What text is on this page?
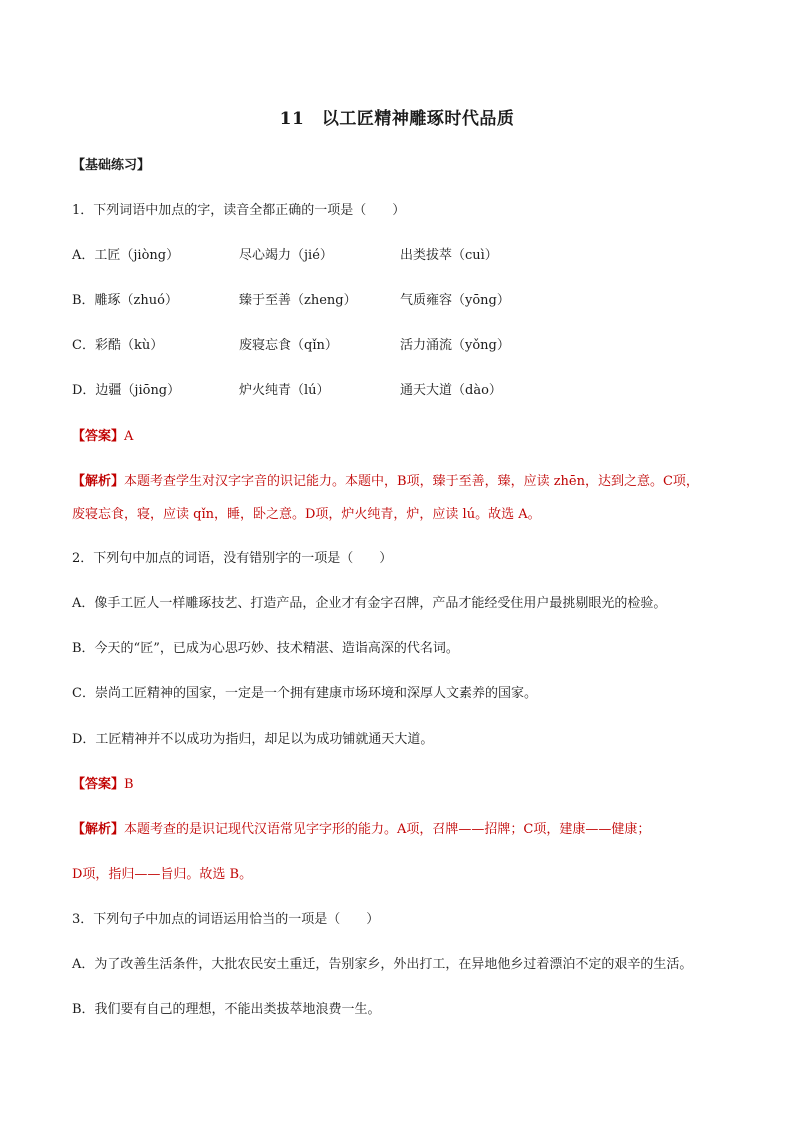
11　以工匠精神雕琢时代品质
【基础练习】
1．下列词语中加点的字，读音全都正确的一项是（　　）
A．工匠（jiòng）	尽心竭力（jié）	出类拔萃（cuì）
B．雕琢（zhuó）	臻于至善（zheng）	气质雍容（yōng）
C．彩酷（kù）	废寝忘食（qǐn）	活力涌流（yǒng）
D．边疆（jiōng）	炉火纯青（lú）	通天大道（dào）
【答案】A
【解析】本题考查学生对汉字字音的识记能力。本题中，B项，臻于至善，臻，应读 zhēn，达到之意。C项，
废寝忘食，寝，应读 qǐn，睡，卧之意。D项，炉火纯青，炉，应读 lú。故选 A。
2．下列句中加点的词语，没有错别字的一项是（　　）
A．像手工匠人一样雕琢技艺、打造产品，企业才有金字召牌，产品才能经受住用户最挑剔眼光的检验。
B．今天的“匠”，已成为心思巧妙、技术精湛、造诣高深的代名词。
C．崇尚工匠精神的国家，一定是一个拥有建康市场环境和深厚人文素养的国家。
D．工匠精神并不以成功为指归，却足以为成功铺就通天大道。
【答案】B
【解析】本题考查的是识记现代汉语常见字字形的能力。A项，召牌——招牌；C项，建康——健康；
D项，指归——旨归。故选 B。
3．下列句子中加点的词语运用恰当的一项是（　　）
A．为了改善生活条件，大批农民安土重迁，告别家乡，外出打工，在异地他乡过着漂泊不定的艰辛的生活。
B．我们要有自己的理想，不能出类拔萃地浪费一生。
